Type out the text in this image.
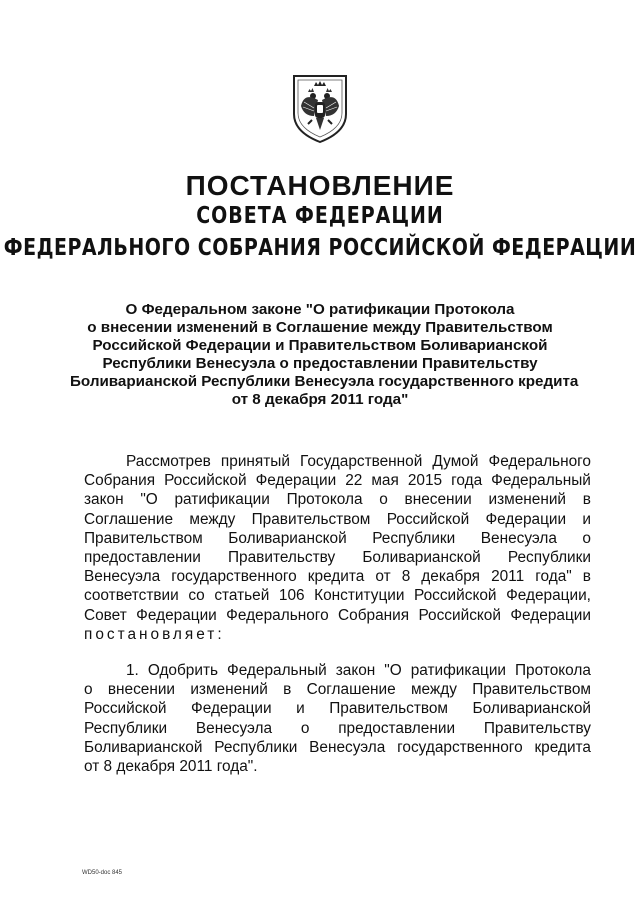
ПОСТАНОВЛЕНИЕ
СОВЕТА ФЕДЕРАЦИИ
ФЕДЕРАЛЬНОГО СОБРАНИЯ РОССИЙСКОЙ ФЕДЕРАЦИИ
О Федеральном законе "О ратификации Протокола
о внесении изменений в Соглашение между Правительством
Российской Федерации и Правительством Боливарианской
Республики Венесуэла о предоставлении Правительству
Боливарианской Республики Венесуэла государственного кредита
от 8 декабря 2011 года"
Рассмотрев принятый Государственной Думой Федерального
Собрания Российской Федерации 22 мая 2015 года Федеральный
закон "О ратификации Протокола о внесении изменений в
Соглашение между Правительством Российской Федерации и
Правительством Боливарианской Республики Венесуэла о
предоставлении Правительству Боливарианской Республики
Венесуэла государственного кредита от 8 декабря 2011 года" в
соответствии со статьей 106 Конституции Российской Федерации,
Совет Федерации Федерального Собрания Российской Федерации
постановляет:
1. Одобрить Федеральный закон "О ратификации Протокола
о внесении изменений в Соглашение между Правительством
Российской Федерации и Правительством Боливарианской
Республики Венесуэла о предоставлении Правительству
Боливарианской Республики Венесуэла государственного кредита
от 8 декабря 2011 года".
WD50-doc 845
